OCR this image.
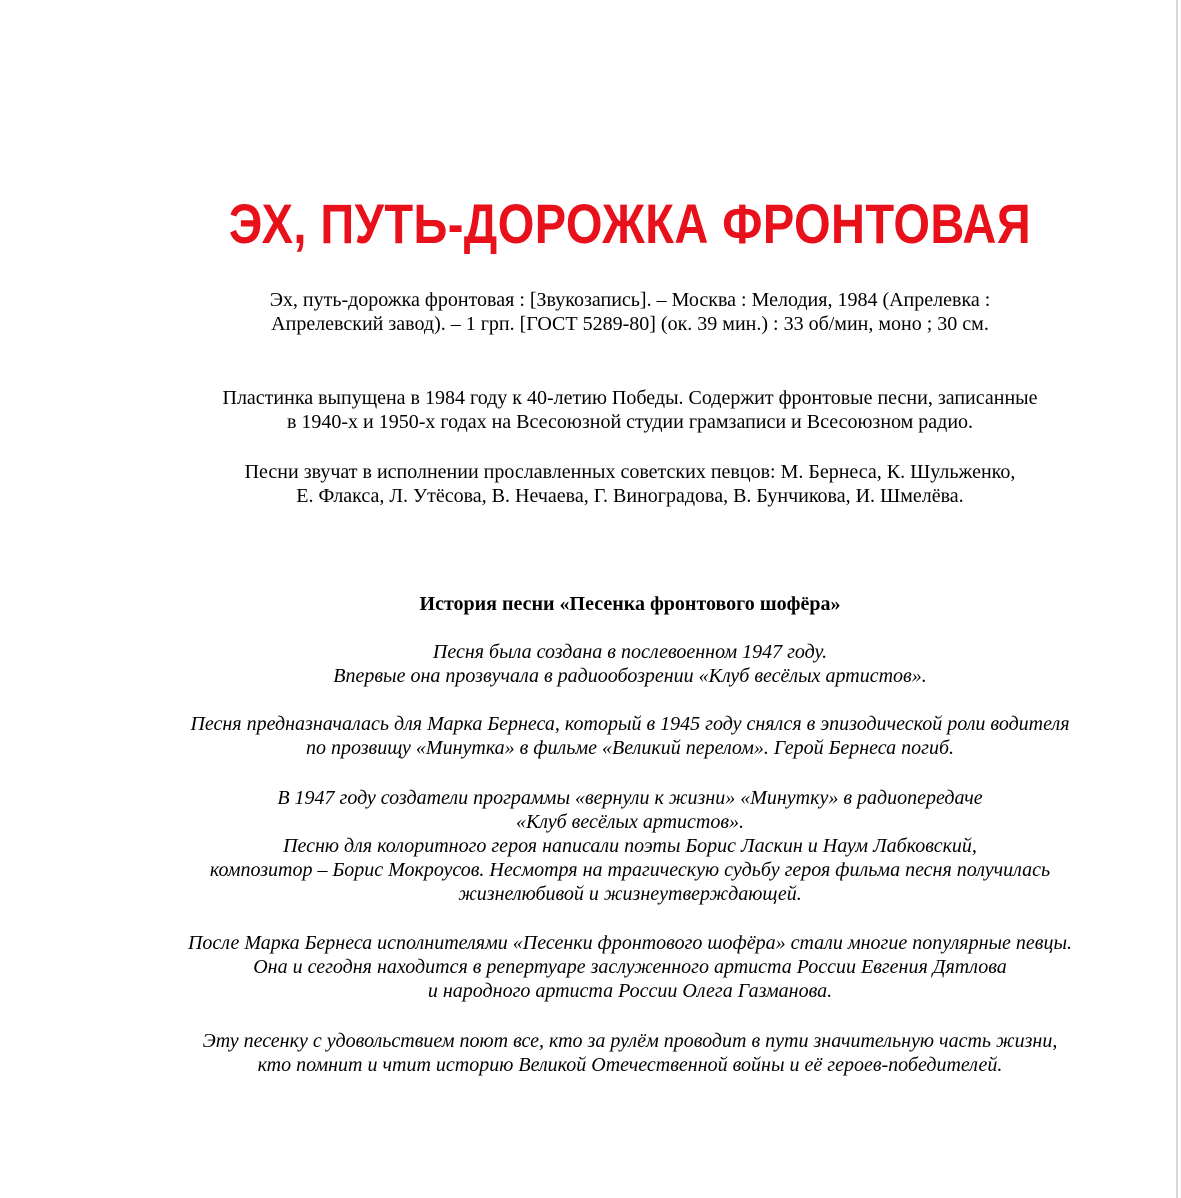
ЭХ, ПУТЬ-ДОРОЖКА ФРОНТОВАЯ
Эх, путь-дорожка фронтовая : [Звукозапись]. – Москва : Мелодия, 1984 (Апрелевка :
Апрелевский завод). – 1 грп. [ГОСТ 5289-80] (ок. 39 мин.) : 33 об/мин, моно ; 30 см.
Пластинка выпущена в 1984 году к 40-летию Победы. Содержит фронтовые песни, записанные
в 1940-х и 1950-х годах на Всесоюзной студии грамзаписи и Всесоюзном радио.
Песни звучат в исполнении прославленных советских певцов: М. Бернеса, К. Шульженко,
Е. Флакса, Л. Утёсова, В. Нечаева, Г. Виноградова, В. Бунчикова, И. Шмелёва.
История песни «Песенка фронтового шофёра»
Песня была создана в послевоенном 1947 году.
Впервые она прозвучала в радиообозрении «Клуб весёлых артистов».
Песня предназначалась для Марка Бернеса, который в 1945 году снялся в эпизодической роли водителя
по прозвищу «Минутка» в фильме «Великий перелом». Герой Бернеса погиб.
В 1947 году создатели программы «вернули к жизни» «Минутку» в радиопередаче
«Клуб весёлых артистов».
Песню для колоритного героя написали поэты Борис Ласкин и Наум Лабковский,
композитор – Борис Мокроусов. Несмотря на трагическую судьбу героя фильма песня получилась
жизнелюбивой и жизнеутверждающей.
После Марка Бернеса исполнителями «Песенки фронтового шофёра» стали многие популярные певцы.
Она и сегодня находится в репертуаре заслуженного артиста России Евгения Дятлова
и народного артиста России Олега Газманова.
Эту песенку с удовольствием поют все, кто за рулём проводит в пути значительную часть жизни,
кто помнит и чтит историю Великой Отечественной войны и её героев-победителей.
